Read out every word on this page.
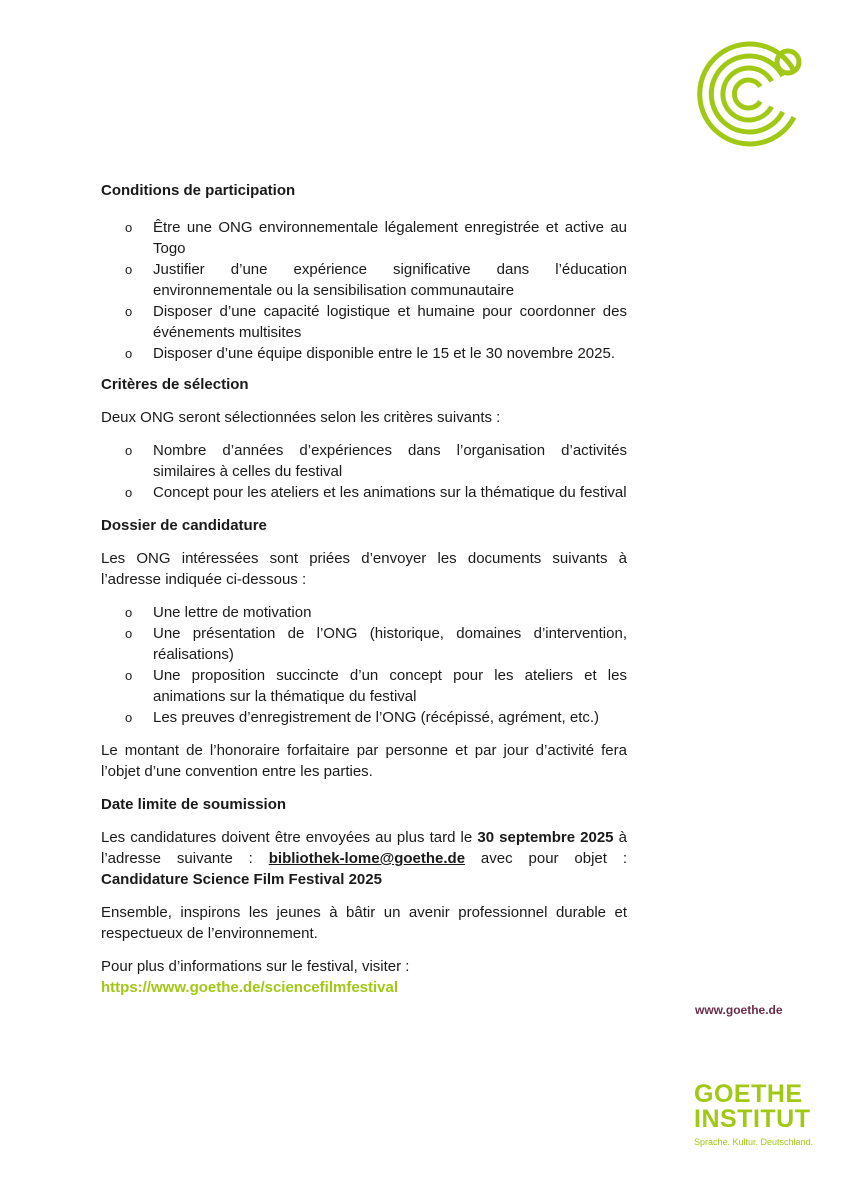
Conditions de participation
o Être une ONG environnementale légalement enregistrée et active au Togo
o Justifier d’une expérience significative dans l’éducation environnementale ou la sensibilisation communautaire
o Disposer d’une capacité logistique et humaine pour coordonner des événements multisites
o Disposer d’une équipe disponible entre le 15 et le 30 novembre 2025.
Critères de sélection

Deux ONG seront sélectionnées selon les critères suivants :

o Nombre d’années d’expériences dans l’organisation d’activités similaires à celles du festival
o Concept pour les ateliers et les animations sur la thématique du festival
Dossier de candidature

Les ONG intéressées sont priées d’envoyer les documents suivants à l’adresse indiquée ci-dessous :

o Une lettre de motivation
o Une présentation de l’ONG (historique, domaines d’intervention, réalisations)
o Une proposition succincte d’un concept pour les ateliers et les animations sur la thématique du festival
o Les preuves d’enregistrement de l’ONG (récépissé, agrément, etc.)

Le montant de l’honoraire forfaitaire par personne et par jour d’activité fera l’objet d’une convention entre les parties.

Date limite de soumission

Les candidatures doivent être envoyées au plus tard le 30 septembre 2025 à l’adresse suivante : bibliothek-lome@goethe.de avec pour objet : Candidature Science Film Festival 2025

Ensemble, inspirons les jeunes à bâtir un avenir professionnel durable et respectueux de l’environnement.

Pour plus d’informations sur le festival, visiter :
https://www.goethe.de/sciencefilmfestival

www.goethe.de
GOETHE
INSTITUT
Sprache. Kultur. Deutschland.
